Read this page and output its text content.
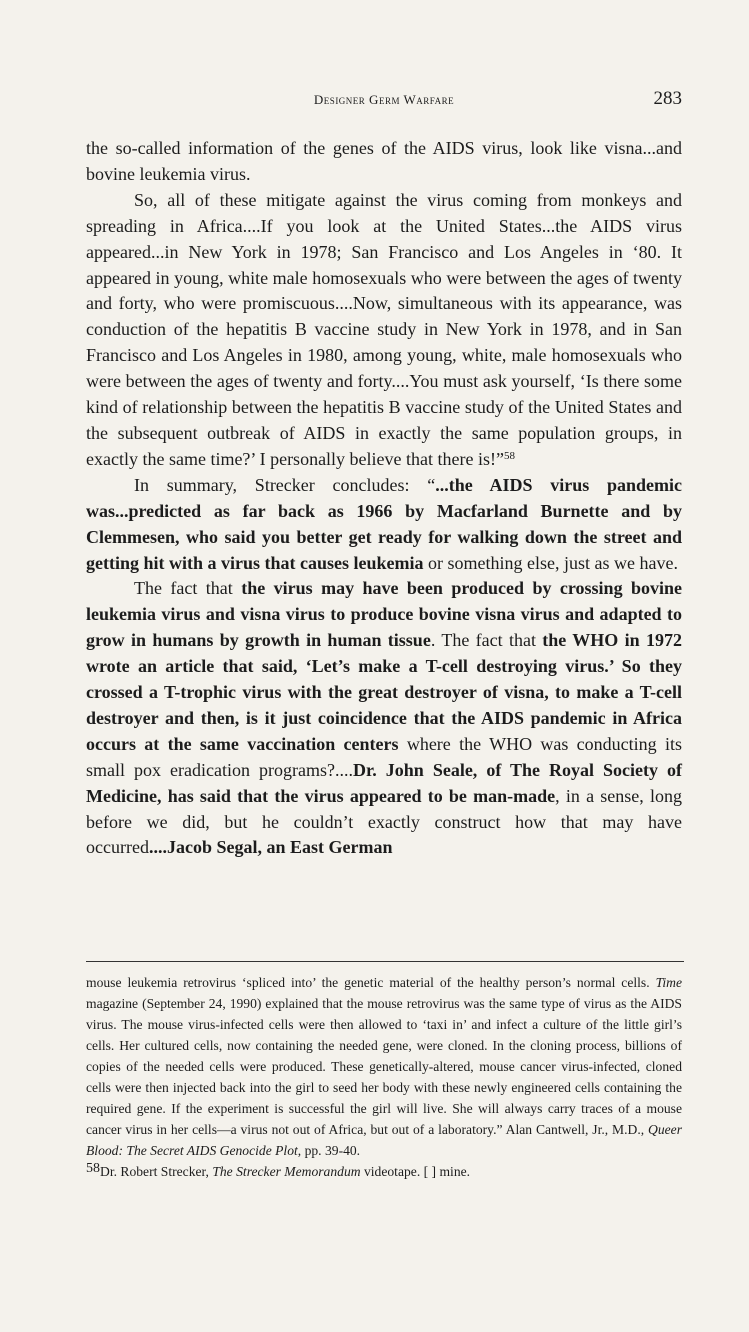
Designer Germ Warfare	283

the so-called information of the genes of the AIDS virus, look like visna...and bovine leukemia virus.

So, all of these mitigate against the virus coming from monkeys and spreading in Africa....If you look at the United States...the AIDS virus appeared...in New York in 1978; San Francisco and Los Angeles in ‘80. It appeared in young, white male homosexuals who were between the ages of twenty and forty, who were promiscuous....Now, simultaneous with its appearance, was conduction of the hepatitis B vaccine study in New York in 1978, and in San Francisco and Los Angeles in 1980, among young, white, male homosexuals who were between the ages of twenty and forty....You must ask yourself, ‘Is there some kind of relationship between the hepatitis B vaccine study of the United States and the subsequent outbreak of AIDS in exactly the same population groups, in exactly the same time?’ I personally believe that there is!”$^{58}$

In summary, Strecker concludes: “...the AIDS virus pandemic was...predicted as far back as 1966 by Macfarland Burnette and by Clemmesen, who said you better get ready for walking down the street and getting hit with a virus that causes leukemia or something else, just as we have.

The fact that the virus may have been produced by crossing bovine leukemia virus and visna virus to produce bovine visna virus and adapted to grow in humans by growth in human tissue. The fact that the WHO in 1972 wrote an article that said, ‘Let’s make a T-cell destroying virus.’ So they crossed a T-trophic virus with the great destroyer of visna, to make a T-cell destroyer and then, is it just coincidence that the AIDS pandemic in Africa occurs at the same vaccination centers where the WHO was conducting its small pox eradication programs?....Dr. John Seale, of The Royal Society of Medicine, has said that the virus appeared to be man-made, in a sense, long before we did, but he couldn’t exactly construct how that may have occurred....Jacob Segal, an East German

mouse leukemia retrovirus ‘spliced into’ the genetic material of the healthy person’s normal cells. Time magazine (September 24, 1990) explained that the mouse retrovirus was the same type of virus as the AIDS virus. The mouse virus-infected cells were then allowed to ‘taxi in’ and infect a culture of the little girl’s cells. Her cultured cells, now containing the needed gene, were cloned. In the cloning process, billions of copies of the needed cells were produced. These genetically-altered, mouse cancer virus-infected, cloned cells were then injected back into the girl to seed her body with these newly engineered cells containing the required gene. If the experiment is successful the girl will live. She will always carry traces of a mouse cancer virus in her cells—a virus not out of Africa, but out of a laboratory.” Alan Cantwell, Jr., M.D., Queer Blood: The Secret AIDS Genocide Plot, pp. 39-40.

58Dr. Robert Strecker, The Strecker Memorandum videotape. [ ] mine.
